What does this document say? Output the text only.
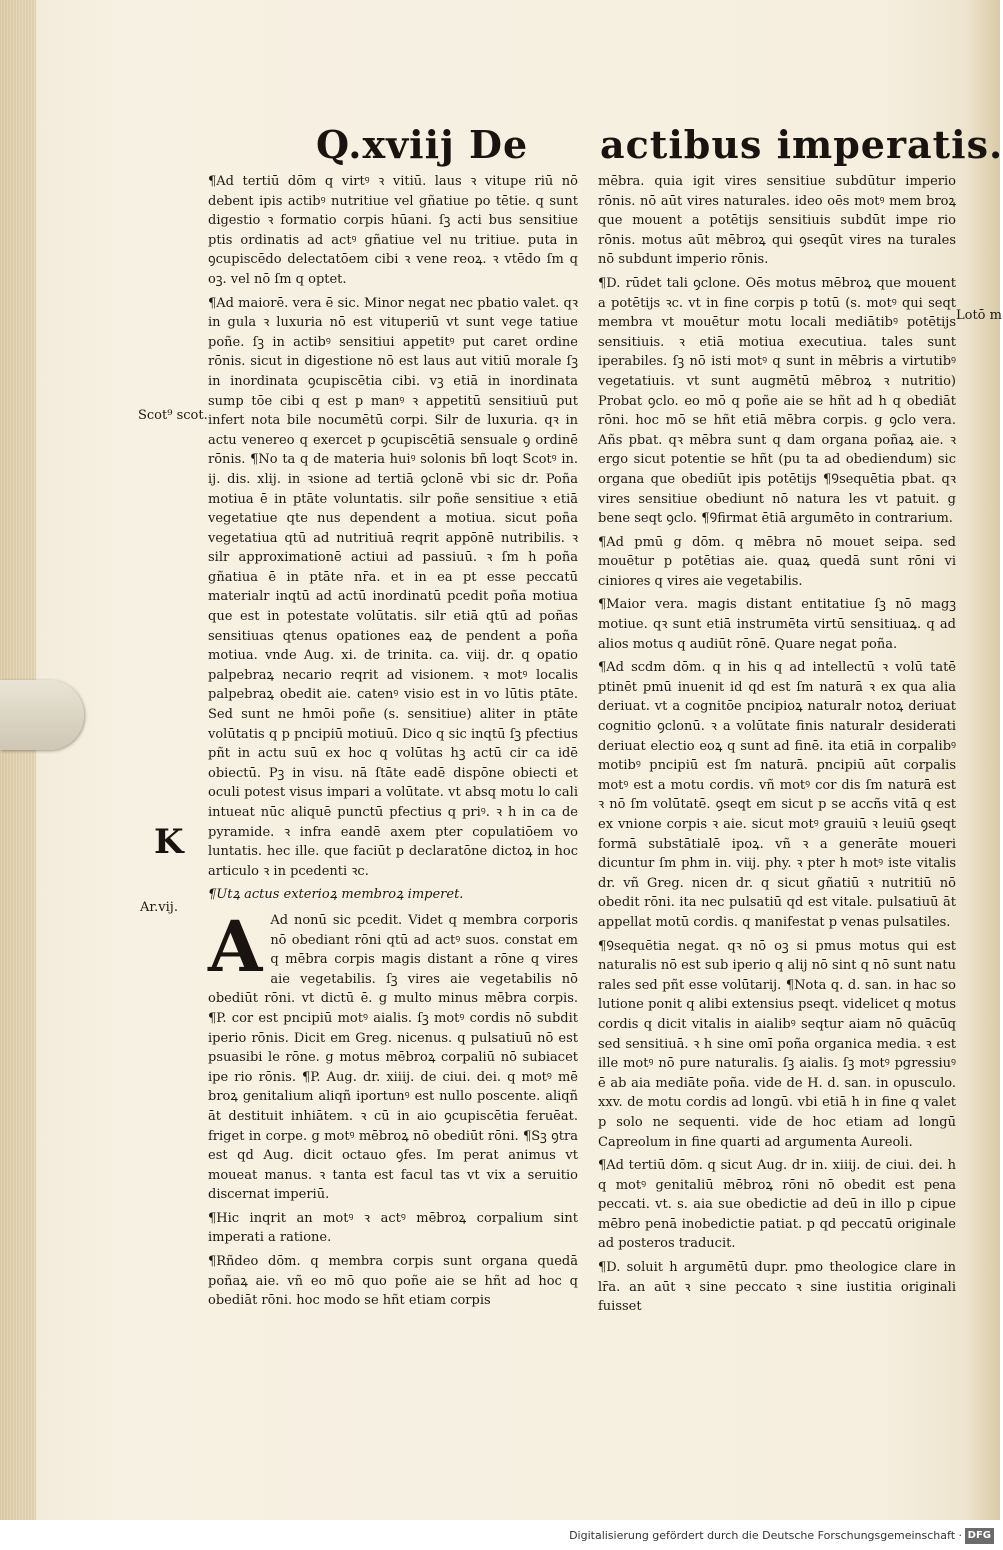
Q.xviij De actibus imperatis.
Scot⁹ scot.
K
Ar.vij.
Lotō m

¶Ad tertiū dōm q virtꝰ ꝛ vitiū. laus ꝛ vitupe riū nō debent ipis actibꝰ nutritiue vel gñatiue po tētie. q sunt digestio ꝛ formatio corpis hūani. ſꝫ acti bus sensitiue ptis ordinatis ad actꝰ gñatiue vel nu tritiue. puta in ꝯcupiscēdo delectatōem cibi ꝛ vene reoꝝ. ꝛ vtēdo ſm q oꝫ. vel nō ſm q optet.

¶Ad maiorē. vera ē sic. Minor negat nec pbatio valet. qꝛ in gula ꝛ luxuria nō est vituperiū vt sunt vege tatiue poñe. ſꝫ in actibꝰ sensitiui appetitꝰ put caret ordine rōnis. sicut in digestione nō est laus aut vitiū morale ſꝫ in inordinata ꝯcupiscētia cibi. vꝫ etiā in inordinata sump tōe cibi q est p manꝰ ꝛ appetitū sensitiuū put infert nota bile nocumētū corpi. Silr de luxuria. qꝛ in actu venereo q exercet p ꝯcupiscētiā sensuale ꝯ ordinē rōnis. ¶No ta q de materia huiꝰ solonis bñ loqt Scotꝰ in. ij. dis. xlij. in ꝛsione ad tertiā ꝯclonē vbi sic dr. Poña motiua ē in ptāte voluntatis. silr poñe sensitiue ꝛ etiā vegetatiue qte nus dependent a motiua. sicut poña vegetatiua qtū ad nutritiuā reqrit appōnē nutribilis. ꝛ silr approximationē actiui ad passiuū. ꝛ ſm h poña gñatiua ē in ptāte nr̄a. et in ea pt esse peccatū materialr inqtū ad actū inordinatū pcedit poña motiua que est in potestate volūtatis. silr etiā qtū ad poñas sensitiuas qtenus opationes eaꝝ de pendent a poña motiua. vnde Aug. xi. de trinita. ca. viij. dr. q opatio palpebraꝝ necario reqrit ad visionem. ꝛ motꝰ localis palpebraꝝ obedit aie. catenꝰ visio est in vo lūtis ptāte. Sed sunt ne hmōi poñe (s. sensitiue) aliter in ptāte volūtatis q p pncipiū motiuū. Dico q sic inqtū ſꝫ pfectius pñt in actu suū ex hoc q volūtas hꝫ actū cir ca idē obiectū. Pꝫ in visu. nā ſtāte eadē dispōne obiecti et oculi potest visus impari a volūtate. vt absq motu lo cali intueat nūc aliquē punctū pfectius q priꝰ. ꝛ h in ca de pyramide. ꝛ infra eandē axem pter copulatiōem vo luntatis. hec ille. que faciūt p declaratōne dictoꝝ in hoc articulo ꝛ in pcedenti ꝛc.

¶Utꝝ actus exterioꝝ membroꝝ imperet.

A Ad nonū sic pcedit. Videt q membra corporis nō obediant rōni qtū ad actꝰ suos. constat em q mēbra corpis magis distant a rōne q vires aie vegetabilis. ſꝫ vires aie vegetabilis nō obediūt rōni. vt dictū ē. g multo minus mēbra corpis. ¶P. cor est pncipiū motꝰ aialis. ſꝫ motꝰ cordis nō subdit iperio rōnis. Dicit em Greg. nicenus. q pulsatiuū nō est psuasibi le rōne. g motus mēbroꝝ corpaliū nō subiacet ipe rio rōnis. ¶P. Aug. dr. xiiij. de ciui. dei. q motꝰ mē broꝝ genitalium aliqñ iportunꝰ est nullo poscente. aliqñ āt destituit inhiātem. ꝛ cū in aio ꝯcupiscētia feruēat. friget in corpe. g motꝰ mēbroꝝ nō obediūt rōni. ¶Sꝫ ꝯtra est qd Aug. dicit octauo ꝯfes. Im perat animus vt moueat manus. ꝛ tanta est facul tas vt vix a seruitio discernat imperiū.

¶Hic inqrit an motꝰ ꝛ actꝰ mēbroꝝ corpalium sint imperati a ratione.

¶Rñdeo dōm. q membra corpis sunt organa quedā poñaꝝ aie. vñ eo mō quo poñe aie se hñt ad hoc q obediāt rōni. hoc modo se hñt etiam corpis

mēbra. quia igit vires sensitiue subdūtur imperio rōnis. nō aūt vires naturales. ideo oēs motꝰ mem broꝝ que mouent a potētijs sensitiuis subdūt impe rio rōnis. motus aūt mēbroꝝ qui ꝯseqūt vires na turales nō subdunt imperio rōnis.

¶D. rūdet tali ꝯclone. Oēs motus mēbroꝝ que mouent a potētijs ꝛc. vt in fine corpis p totū (s. motꝰ qui seqt membra vt mouētur motu locali mediātibꝰ potētijs sensitiuis. ꝛ etiā motiua executiua. tales sunt iperabiles. ſꝫ nō isti motꝰ q sunt in mēbris a virtutibꝰ vegetatiuis. vt sunt augmētū mēbroꝝ ꝛ nutritio) Probat ꝯclo. eo mō q poñe aie se hñt ad h q obediāt rōni. hoc mō se hñt etiā mēbra corpis. g ꝯclo vera. Añs pbat. qꝛ mēbra sunt q dam organa poñaꝝ aie. ꝛ ergo sicut potentie se hñt (pu ta ad obediendum) sic organa que obediūt ipis potētijs ¶Ꝯsequētia pbat. qꝛ vires sensitiue obediunt nō natura les vt patuit. g bene seqt ꝯclo. ¶Ꝯfirmat ētiā argumēto in contrarium.

¶Ad pmū g dōm. q mēbra nō mouet seipa. sed mouētur p potētias aie. quaꝝ quedā sunt rōni vi ciniores q vires aie vegetabilis.

¶Maior vera. magis distant entitatiue ſꝫ nō magꝫ motiue. qꝛ sunt etiā instrumēta virtū sensitiuaꝝ. q ad alios motus q audiūt rōnē. Quare negat poña.

¶Ad scdm dōm. q in his q ad intellectū ꝛ volū tatē ptinēt pmū inuenit id qd est ſm naturā ꝛ ex qua alia deriuat. vt a cognitōe pncipioꝝ naturalr notoꝝ deriuat cognitio ꝯclonū. ꝛ a volūtate finis naturalr desiderati deriuat electio eoꝝ q sunt ad finē. ita etiā in corpalibꝰ motibꝰ pncipiū est ſm naturā. pncipiū aūt corpalis motꝰ est a motu cordis. vñ motꝰ cor dis ſm naturā est ꝛ nō ſm volūtatē. ꝯseqt em sicut p se accñs vitā q est ex vnione corpis ꝛ aie. sicut motꝰ grauiū ꝛ leuiū ꝯseqt formā substātialē ipoꝝ. vñ ꝛ a generāte moueri dicuntur ſm phm in. viij. phy. ꝛ pter h motꝰ iste vitalis dr. vñ Greg. nicen dr. q sicut gñatiū ꝛ nutritiū nō obedit rōni. ita nec pulsatiū qd est vitale. pulsatiuū āt appellat motū cordis. q manifestat p venas pulsatiles.

¶Ꝯsequētia negat. qꝛ nō oꝫ si pmus motus qui est naturalis nō est sub iperio q alij nō sint q nō sunt natu rales sed pñt esse volūtarij. ¶Nota q. d. san. in hac so lutione ponit q alibi extensius pseqt. videlicet q motus cordis q dicit vitalis in aialibꝰ seqtur aiam nō quācūq sed sensitiuā. ꝛ h sine omī poña organica media. ꝛ est ille motꝰ nō pure naturalis. ſꝫ aialis. ſꝫ motꝰ pgressiuꝰ ē ab aia mediāte poña. vide de H. d. san. in opusculo. xxv. de motu cordis ad longū. vbi etiā h in fine q valet p solo ne sequenti. vide de hoc etiam ad longū Capreolum in fine quarti ad argumenta Aureoli.

¶Ad tertiū dōm. q sicut Aug. dr in. xiiij. de ciui. dei. h q motꝰ genitaliū mēbroꝝ rōni nō obedit est pena peccati. vt. s. aia sue obedictie ad deū in illo p cipue mēbro penā inobedictie patiat. p qd peccatū originale ad posteros traducit.

¶D. soluit h argumētū dupr. pmo theologice clare in lr̄a. an aūt ꝛ sine peccato ꝛ sine iustitia originali fuisset

Digitalisierung gefördert durch die Deutsche Forschungsgemeinschaft · DFG
